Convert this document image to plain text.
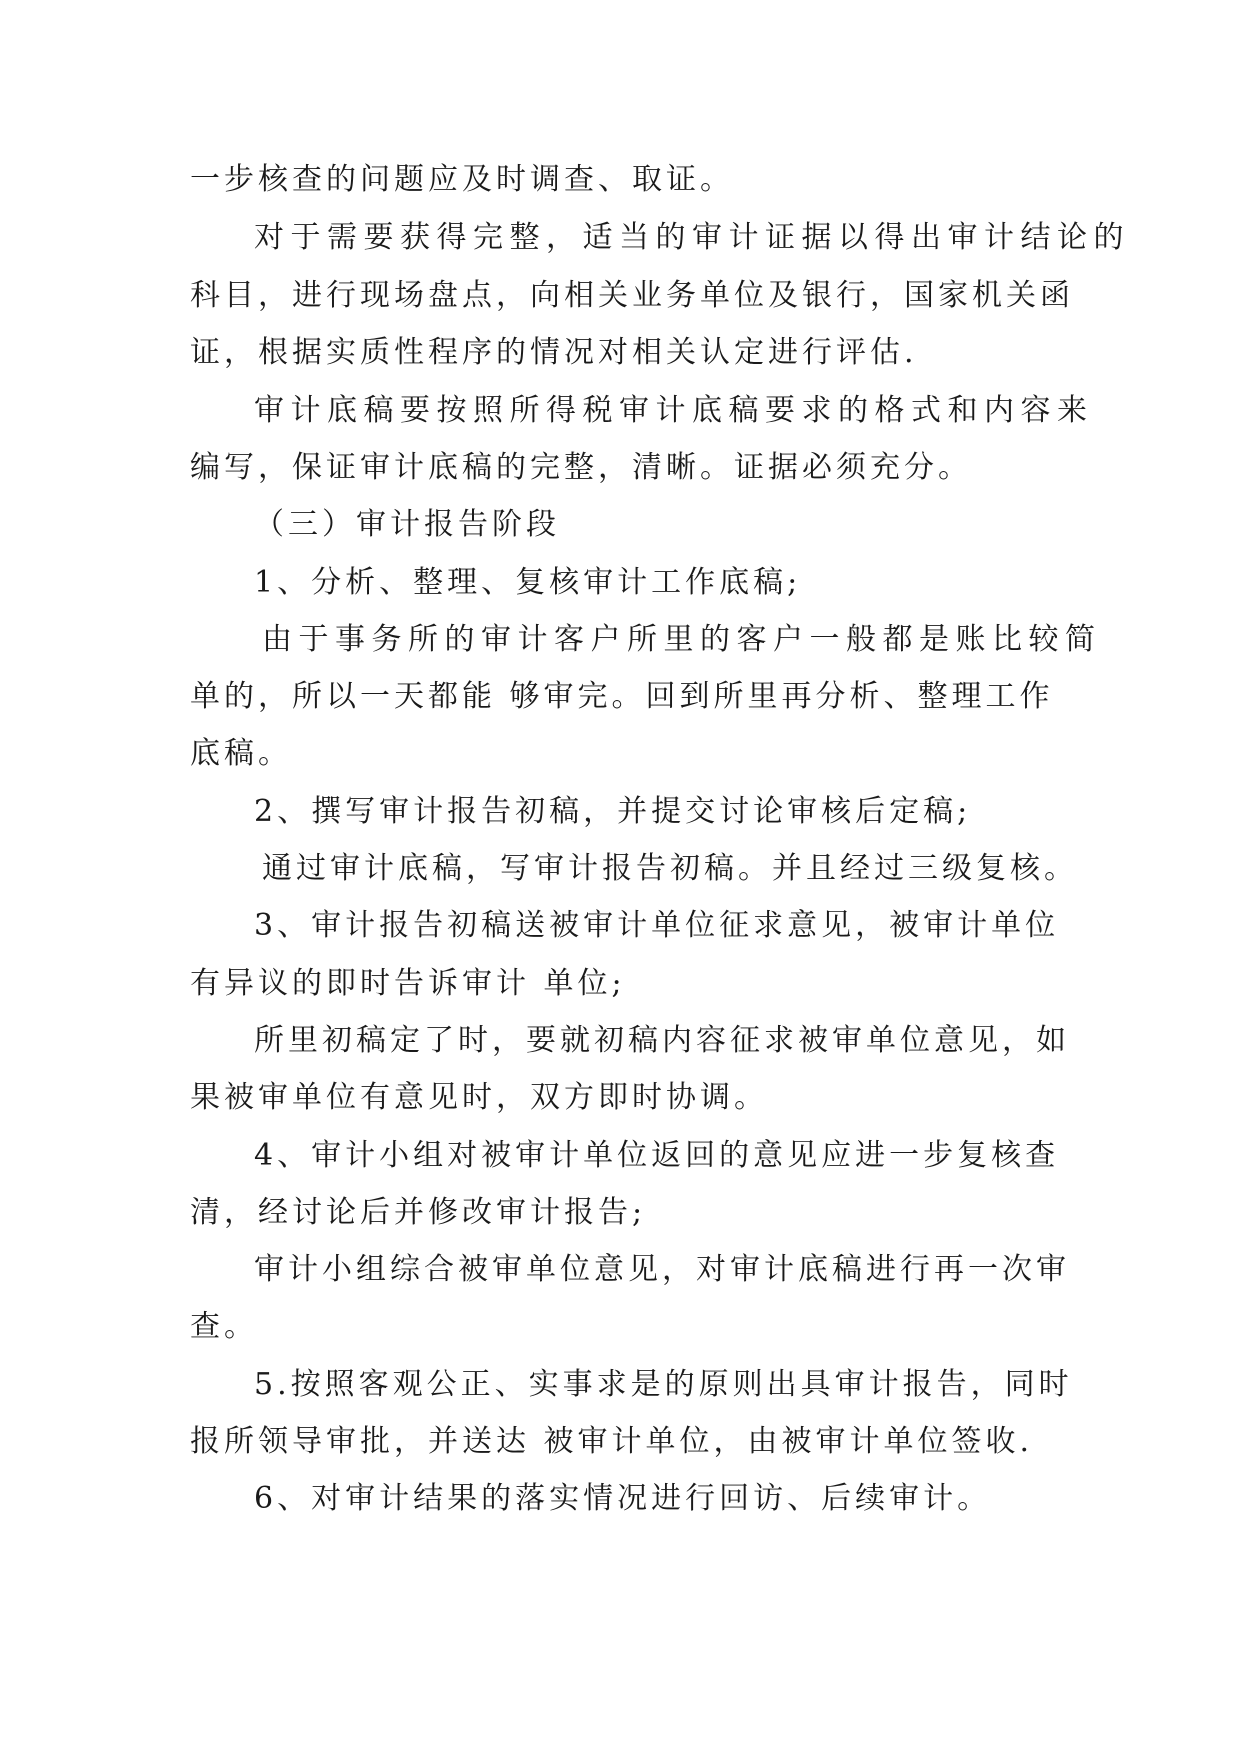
一步核查的问题应及时调查、取证。
对于需要获得完整，适当的审计证据以得出审计结论的
科目，进行现场盘点，向相关业务单位及银行，国家机关函
证，根据实质性程序的情况对相关认定进行评估.
审计底稿要按照所得税审计底稿要求的格式和内容来
编写，保证审计底稿的完整，清晰。证据必须充分。
（三）审计报告阶段
1、分析、整理、复核审计工作底稿;
由于事务所的审计客户所里的客户一般都是账比较简
单的，所以一天都能 够审完。回到所里再分析、整理工作
底稿。
2、撰写审计报告初稿，并提交讨论审核后定稿;
通过审计底稿，写审计报告初稿。并且经过三级复核。
3、审计报告初稿送被审计单位征求意见，被审计单位
有异议的即时告诉审计 单位;
所里初稿定了时，要就初稿内容征求被审单位意见，如
果被审单位有意见时，双方即时协调。
4、审计小组对被审计单位返回的意见应进一步复核查
清，经讨论后并修改审计报告;
审计小组综合被审单位意见，对审计底稿进行再一次审
查。
5.按照客观公正、实事求是的原则出具审计报告，同时
报所领导审批，并送达 被审计单位，由被审计单位签收.
6、对审计结果的落实情况进行回访、后续审计。
